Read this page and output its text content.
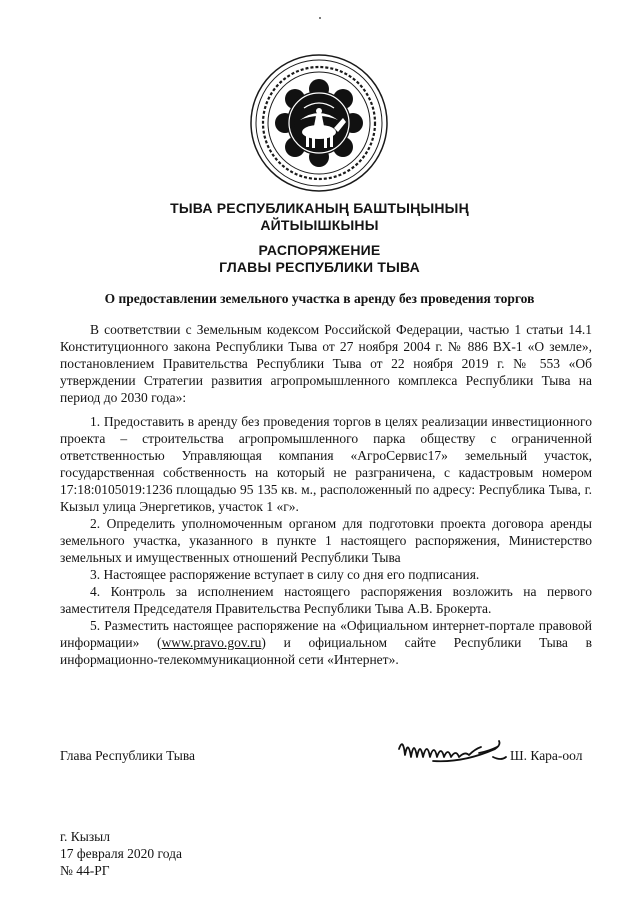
ТЫВА РЕСПУБЛИКАНЫҢ БАШТЫҢЫНЫҢ
АЙТЫЫШКЫНЫ
РАСПОРЯЖЕНИЕ
ГЛАВЫ РЕСПУБЛИКИ ТЫВА
О предоставлении земельного участка в аренду без проведения торгов

В соответствии с Земельным кодексом Российской Федерации, частью 1 статьи 14.1 Конституционного закона Республики Тыва от 27 ноября 2004 г. № 886 ВХ-1 «О земле», постановлением Правительства Республики Тыва от 22 ноября 2019 г. № 553 «Об утверждении Стратегии развития агропромышленного комплекса Республики Тыва на период до 2030 года»:

1. Предоставить в аренду без проведения торгов в целях реализации инвестиционного проекта – строительства агропромышленного парка обществу с ограниченной ответственностью Управляющая компания «АгроСервис17» земельный участок, государственная собственность на который не разграничена, с кадастровым номером 17:18:0105019:1236 площадью 95 135 кв. м., расположенный по адресу: Республика Тыва, г. Кызыл улица Энергетиков, участок 1 «г».

2. Определить уполномоченным органом для подготовки проекта договора аренды земельного участка, указанного в пункте 1 настоящего распоряжения, Министерство земельных и имущественных отношений Республики Тыва

3. Настоящее распоряжение вступает в силу со дня его подписания.

4. Контроль за исполнением настоящего распоряжения возложить на первого заместителя Председателя Правительства Республики Тыва А.В. Брокерта.

5. Разместить настоящее распоряжение на «Официальном интернет-портале правовой информации» (www.pravo.gov.ru) и официальном сайте Республики Тыва в информационно-телекоммуникационной сети «Интернет».

Глава Республики Тыва	Ш. Кара-оол
г. Кызыл
17 февраля 2020 года
№ 44-РГ
